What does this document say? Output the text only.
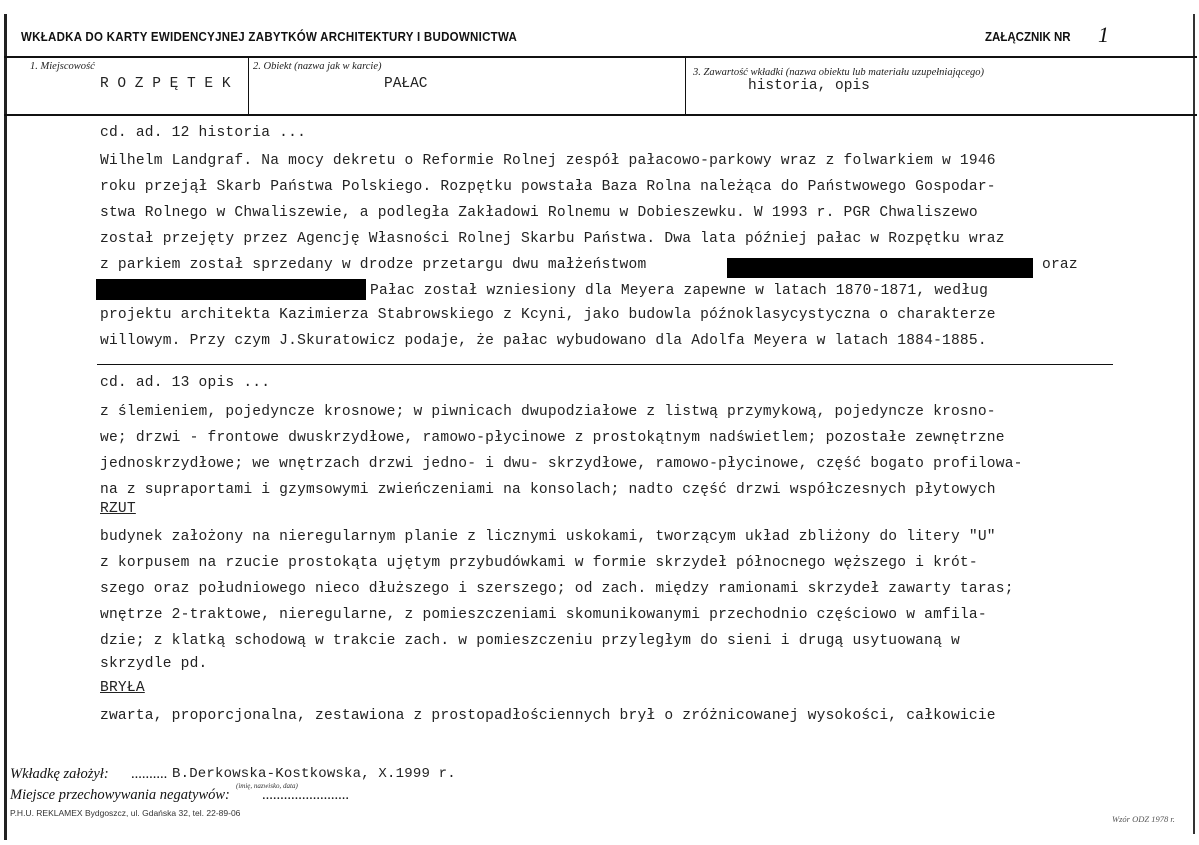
WKŁADKA DO KARTY EWIDENCYJNEJ ZABYTKÓW ARCHITEKTURY I BUDOWNICTWA	ZAŁĄCZNIK NR 1
1. Miejscowość
R O Z P Ę T E K
2. Obiekt (nazwa jak w karcie)
PAŁAC
3. Zawartość wkładki (nazwa obiektu lub materiału uzupełniającego)
historia, opis
cd. ad. 12 historia ...
Wilhelm Landgraf. Na mocy dekretu o Reformie Rolnej zespół pałacowo-parkowy wraz z folwarkiem w 1946
roku przejął Skarb Państwa Polskiego. Rozpętku powstała Baza Rolna należąca do Państwowego Gospodar-
stwa Rolnego w Chwaliszewie, a podległa Zakładowi Rolnemu w Dobieszewku. W 1993 r. PGR Chwaliszewo
został przejęty przez Agencję Własności Rolnej Skarbu Państwa. Dwa lata później pałac w Rozpętku wraz
z parkiem został sprzedany w drodze przetargu dwu małżeństwom	oraz
Pałac został wzniesiony dla Meyera zapewne w latach 1870-1871, według
projektu architekta Kazimierza Stabrowskiego z Kcyni, jako budowla późnoklasycystyczna o charakterze
willowym. Przy czym J.Skuratowicz podaje, że pałac wybudowano dla Adolfa Meyera w latach 1884-1885.
cd. ad. 13 opis ...
z ślemieniem, pojedyncze krosnowe; w piwnicach dwupodziałowe z listwą przymykową, pojedyncze krosno-
we; drzwi - frontowe dwuskrzydłowe, ramowo-płycinowe z prostokątnym nadświetlem; pozostałe zewnętrzne
jednoskrzydłowe; we wnętrzach drzwi jedno- i dwu- skrzydłowe, ramowo-płycinowe, część bogato profilowa-
na z supraportami i gzymsowymi zwieńczeniami na konsolach; nadto część drzwi współczesnych płytowych
RZUT
budynek założony na nieregularnym planie z licznymi uskokami, tworzącym układ zbliżony do litery "U"
z korpusem na rzucie prostokąta ujętym przybudówkami w formie skrzydeł północnego węższego i krót-
szego oraz południowego nieco dłuższego i szerszego; od zach. między ramionami skrzydeł zawarty taras;
wnętrze 2-traktowe, nieregularne, z pomieszczeniami skomunikowanymi przechodnio częściowo w amfila-
dzie; z klatką schodową w trakcie zach. w pomieszczeniu przyległym do sieni i drugą usytuowaną w
skrzydle pd.
BRYŁA
zwarta, proporcjonalna, zestawiona z prostopadłościennych brył o zróżnicowanej wysokości, całkowicie
Wkładkę założył: .......... B.Derkowska-Kostkowska, X.1999 r.
(imię, nazwisko, data)
Miejsce przechowywania negatywów: ........................
P.H.U. REKLAMEX Bydgoszcz, ul. Gdańska 32, tel. 22-89-06
Wzór ODZ 1978 r.
